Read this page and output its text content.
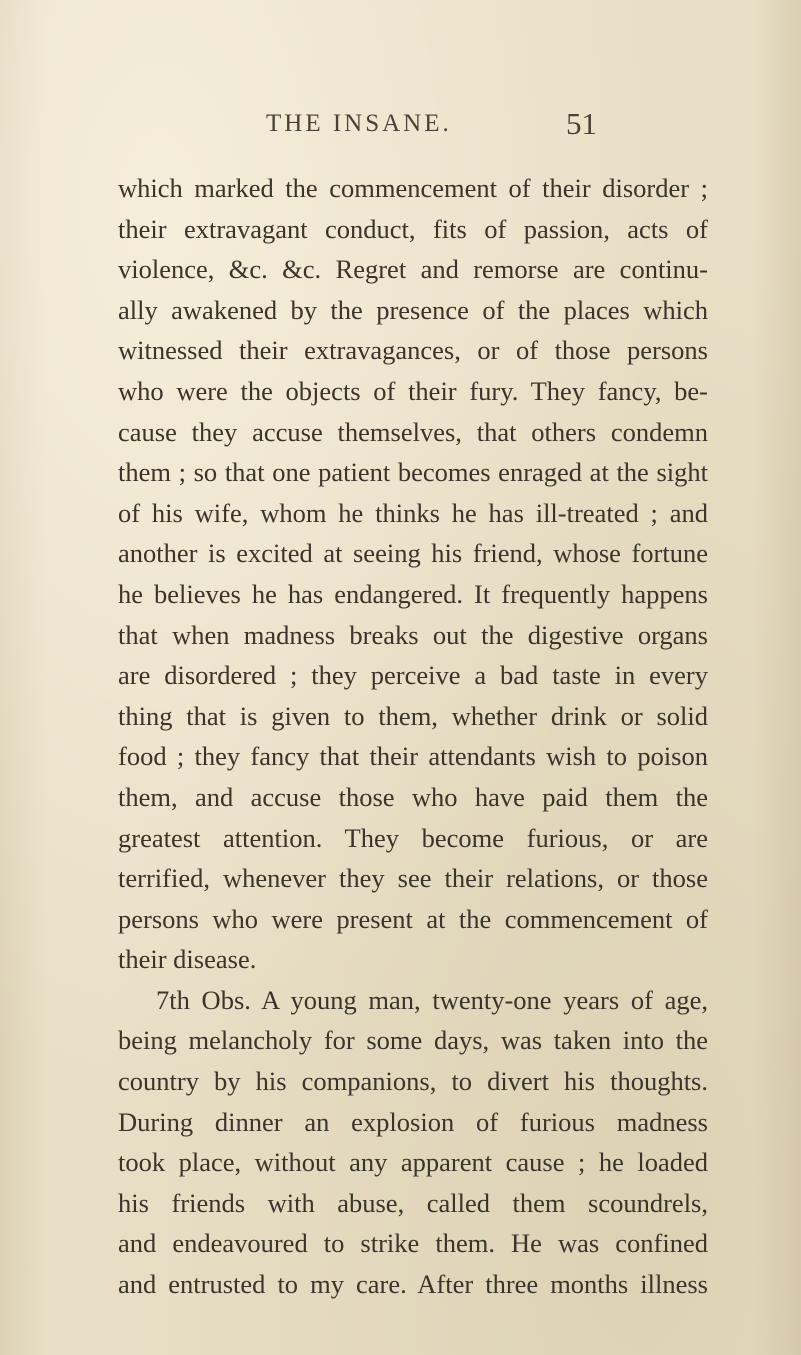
THE INSANE.	51
which marked the commencement of their disorder ;
their extravagant conduct, fits of passion, acts of
violence, &c. &c. Regret and remorse are continu-
ally awakened by the presence of the places which
witnessed their extravagances, or of those persons
who were the objects of their fury. They fancy, be-
cause they accuse themselves, that others condemn
them ; so that one patient becomes enraged at the sight
of his wife, whom he thinks he has ill-treated ; and
another is excited at seeing his friend, whose fortune
he believes he has endangered. It frequently happens
that when madness breaks out the digestive organs
are disordered ; they perceive a bad taste in every
thing that is given to them, whether drink or solid
food ; they fancy that their attendants wish to poison
them, and accuse those who have paid them the
greatest attention. They become furious, or are
terrified, whenever they see their relations, or those
persons who were present at the commencement of
their disease.
7th Obs. A young man, twenty-one years of age,
being melancholy for some days, was taken into the
country by his companions, to divert his thoughts.
During dinner an explosion of furious madness
took place, without any apparent cause ; he loaded
his friends with abuse, called them scoundrels,
and endeavoured to strike them. He was confined
and entrusted to my care. After three months illness
